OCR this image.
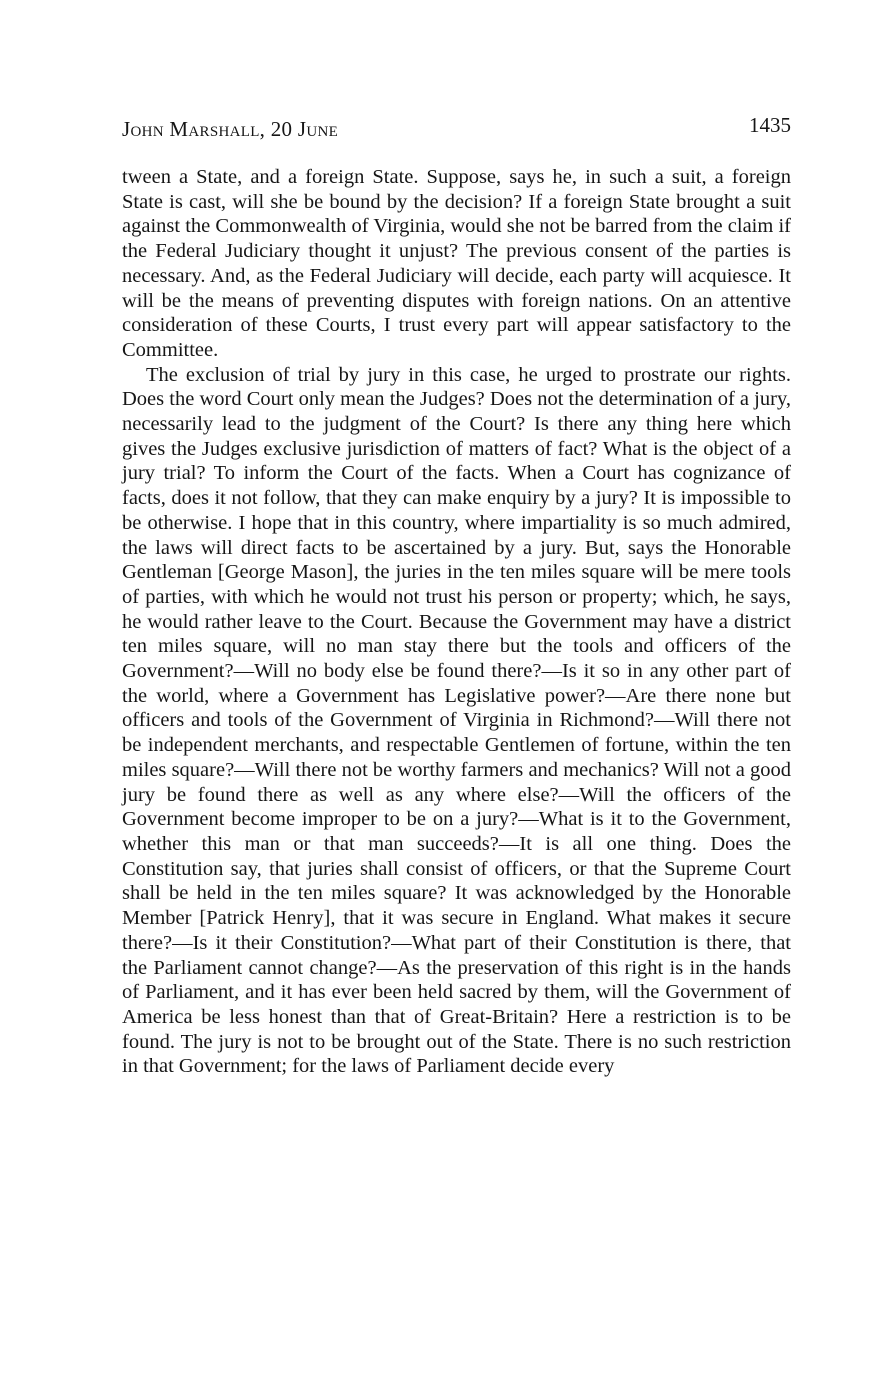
John Marshall, 20 June	1435

tween a State, and a foreign State. Suppose, says he, in such a suit, a foreign State is cast, will she be bound by the decision? If a foreign State brought a suit against the Commonwealth of Virginia, would she not be barred from the claim if the Federal Judiciary thought it unjust? The previous consent of the parties is necessary. And, as the Federal Judiciary will decide, each party will acquiesce. It will be the means of preventing disputes with foreign nations. On an attentive consideration of these Courts, I trust every part will appear satisfactory to the Committee.

The exclusion of trial by jury in this case, he urged to prostrate our rights. Does the word Court only mean the Judges? Does not the determination of a jury, necessarily lead to the judgment of the Court? Is there any thing here which gives the Judges exclusive jurisdiction of matters of fact? What is the object of a jury trial? To inform the Court of the facts. When a Court has cognizance of facts, does it not follow, that they can make enquiry by a jury? It is impossible to be otherwise. I hope that in this country, where impartiality is so much admired, the laws will direct facts to be ascertained by a jury. But, says the Honorable Gentleman [George Mason], the juries in the ten miles square will be mere tools of parties, with which he would not trust his person or property; which, he says, he would rather leave to the Court. Because the Government may have a district ten miles square, will no man stay there but the tools and officers of the Government?—Will no body else be found there?—Is it so in any other part of the world, where a Government has Legislative power?—Are there none but officers and tools of the Government of Virginia in Richmond?—Will there not be independent merchants, and respectable Gentlemen of fortune, within the ten miles square?—Will there not be worthy farmers and mechanics? Will not a good jury be found there as well as any where else?—Will the officers of the Government become improper to be on a jury?—What is it to the Government, whether this man or that man succeeds?—It is all one thing. Does the Constitution say, that juries shall consist of officers, or that the Supreme Court shall be held in the ten miles square? It was acknowledged by the Honorable Member [Patrick Henry], that it was secure in England. What makes it secure there?—Is it their Constitution?—What part of their Constitution is there, that the Parliament cannot change?—As the preservation of this right is in the hands of Parliament, and it has ever been held sacred by them, will the Government of America be less honest than that of Great-Britain? Here a restriction is to be found. The jury is not to be brought out of the State. There is no such restriction in that Government; for the laws of Parliament decide every
